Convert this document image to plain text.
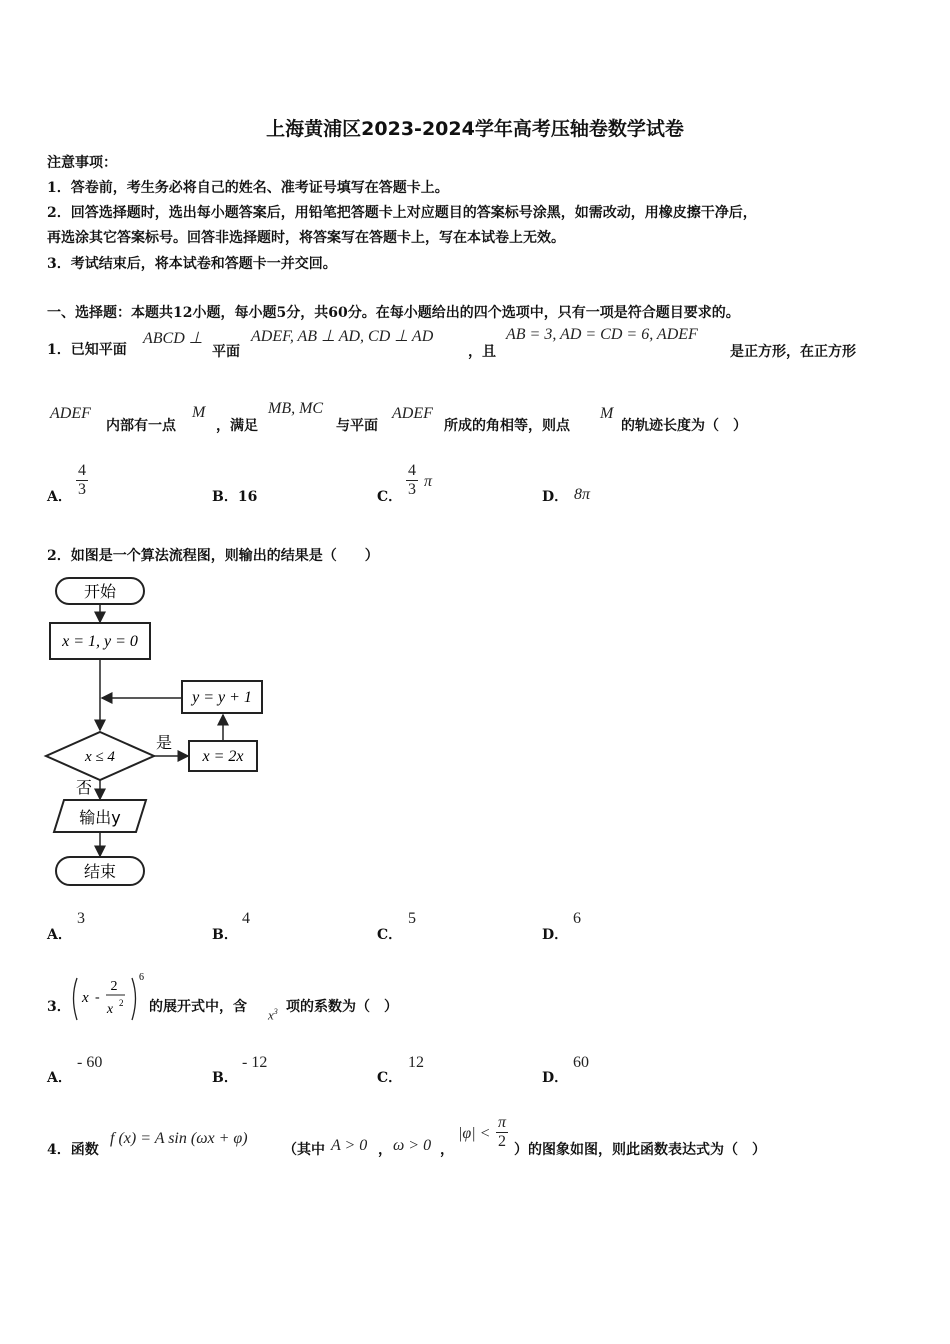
上海黄浦区2023-2024学年高考压轴卷数学试卷
注意事项：
1．答卷前，考生务必将自己的姓名、准考证号填写在答题卡上。
2．回答选择题时，选出每小题答案后，用铅笔把答题卡上对应题目的答案标号涂黑，如需改动，用橡皮擦干净后，
再选涂其它答案标号。回答非选择题时，将答案写在答题卡上，写在本试卷上无效。
3．考试结束后，将本试卷和答题卡一并交回。
一、选择题：本题共12小题，每小题5分，共60分。在每小题给出的四个选项中，只有一项是符合题目要求的。
1．已知平面
ABCD ⊥
平面
ADEF, AB ⊥ AD, CD ⊥ AD
，且
AB = 3, AD = CD = 6, ADEF
是正方形，在正方形
ADEF
内部有一点
M
，满足
MB, MC
与平面
ADEF
所成的角相等，则点
M
的轨迹长度为（　）
A． $\frac{4}{3}$	B．16	C． $\frac{4}{3}$ π
D． 8π
2．如图是一个算法流程图，则输出的结果是（　　）
开始
x = 1, y = 0
y = y + 1
x ≤ 4
是
x = 2x
否
输出y
结束
A．
3
B．
4
C．
5
D．
6
3．
x -
2
x 2
6
的展开式中，含 $x^3$ 项的系数为（　）
A．
- 60
B．
- 12
C．
12
D．
60
4．函数
f (x) = A sin (ωx + φ)
（其中 A > 0 ， ω > 0 ，
$|\varphi| < \frac{\pi}{2}$ ）的图象如图，则此函数表达式为（　）
